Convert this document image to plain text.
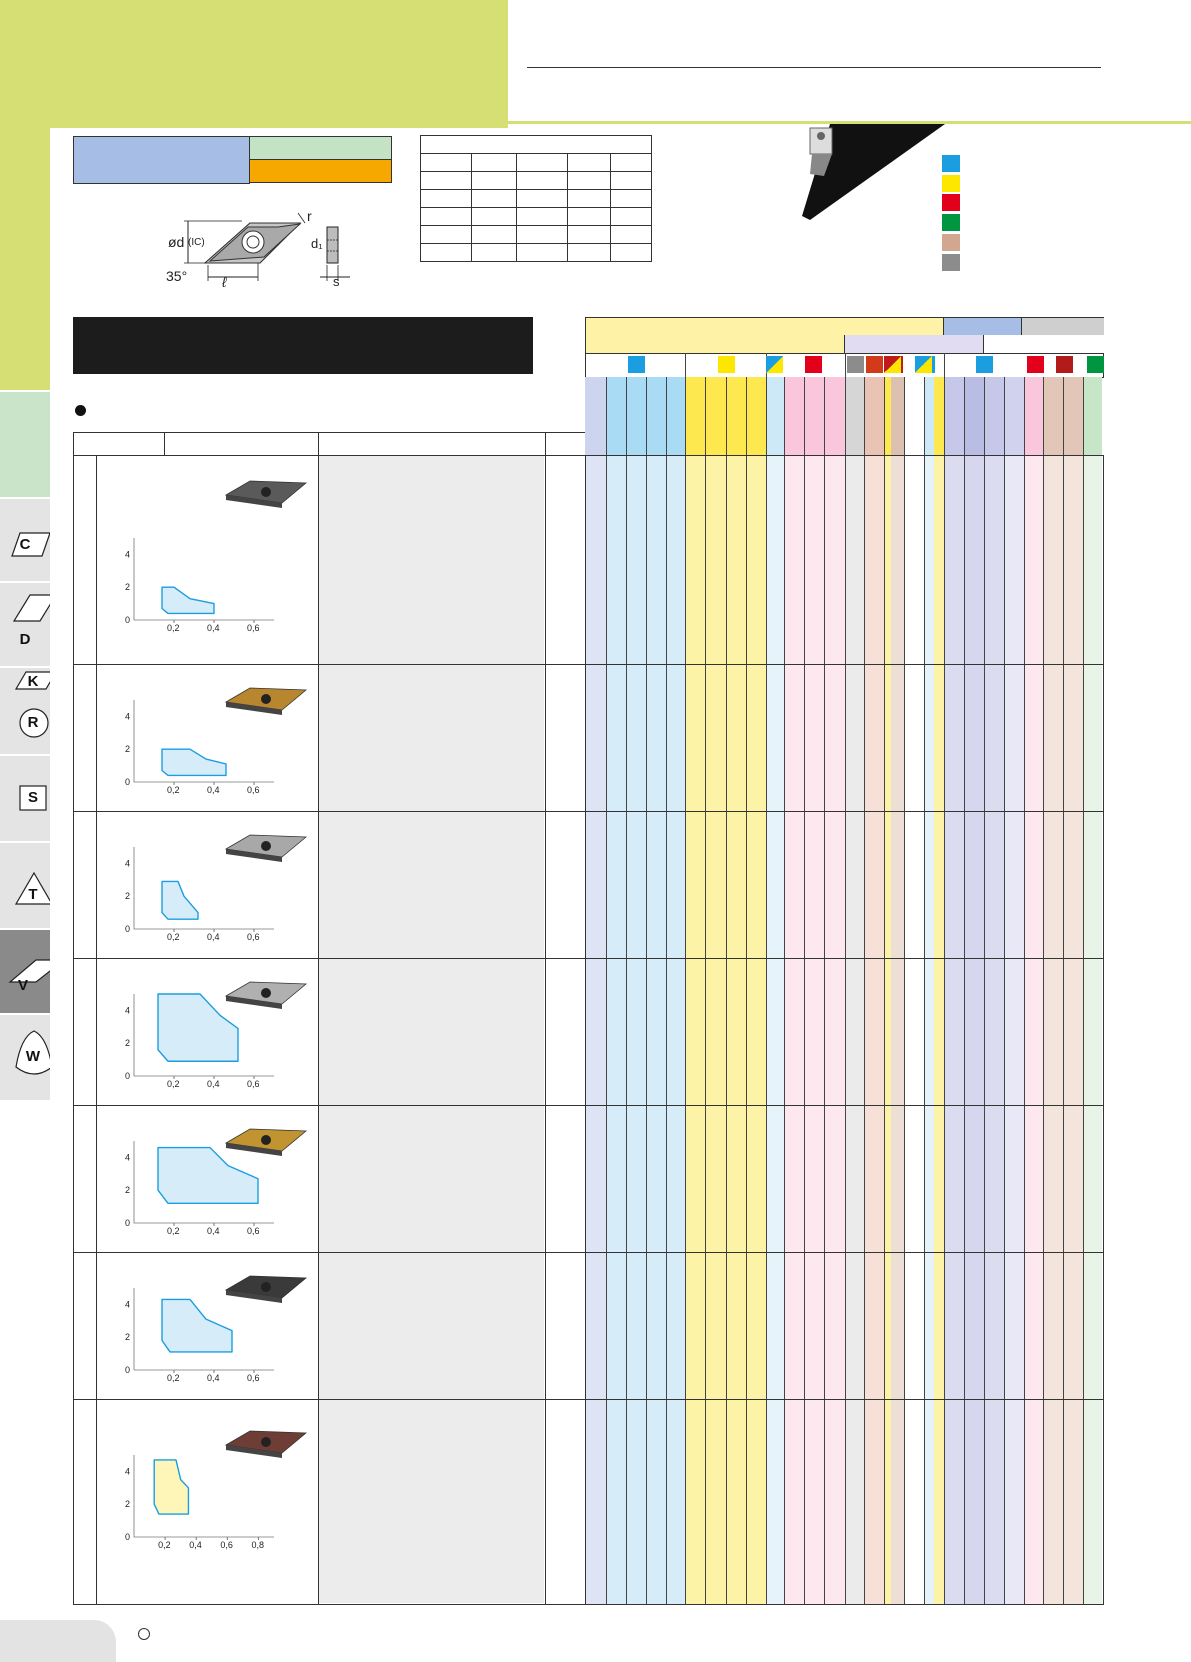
C
D
K
R
S
T
V
W
ød (IC)
35° ℓ
r
d₁
s

0,2	0,4	0,6
0
2
4
0,2	0,4	0,6
0
2
4
0,2	0,4	0,6
0
2
4
0,2	0,4	0,6
0
2
4
0,2	0,4	0,6
0
2
4
0,2	0,4	0,6
0
2
4
0,2 0,4 0,6 0,8
0
2
4
